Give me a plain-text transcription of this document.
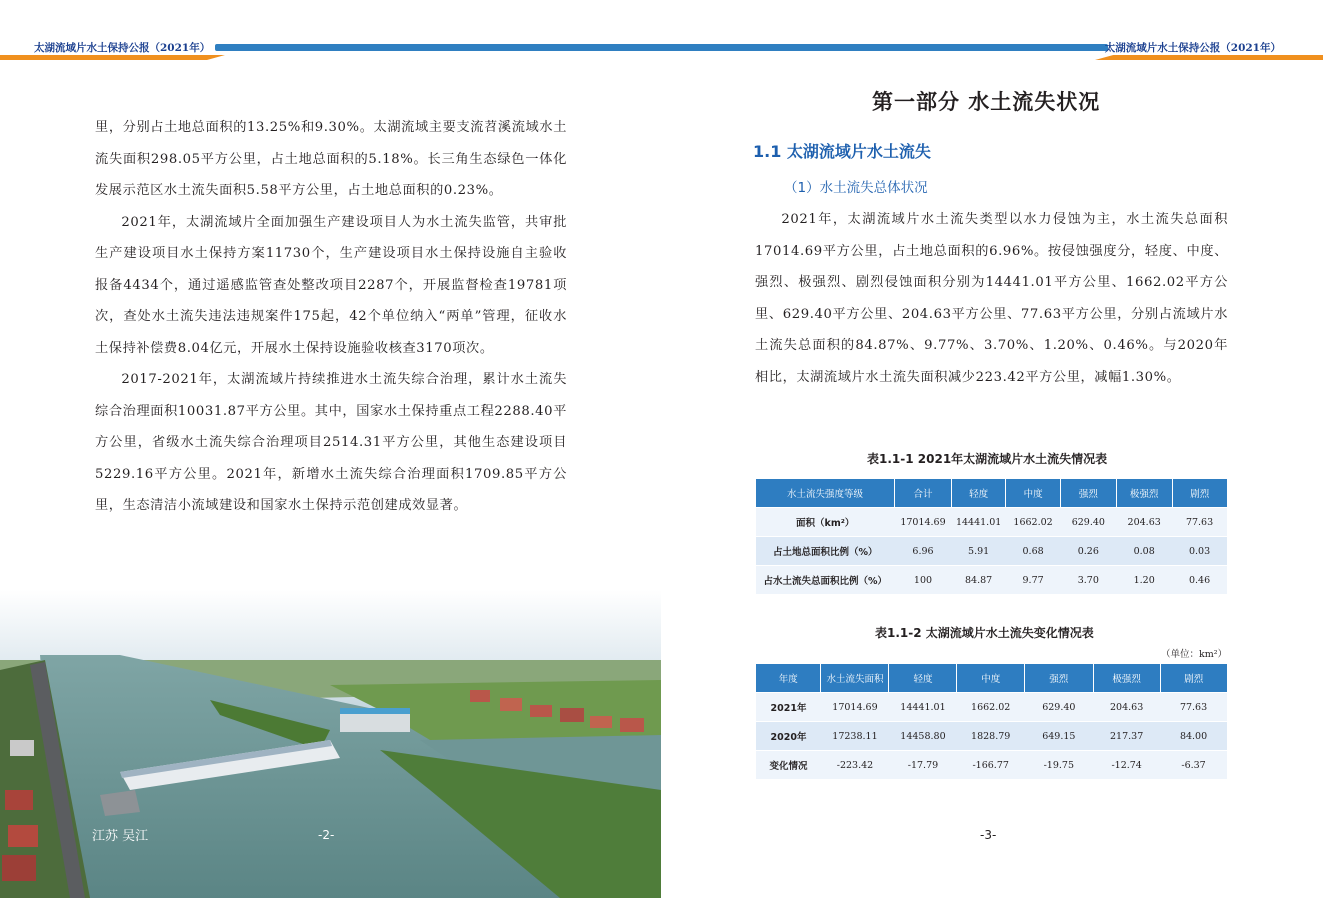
太湖流域片水土保持公报（2021年）	太湖流域片水土保持公报（2021年）

里，分别占土地总面积的13.25%和9.30%。太湖流域主要支流苕溪流域水土流失面积298.05平方公里，占土地总面积的5.18%。长三角生态绿色一体化发展示范区水土流失面积5.58平方公里，占土地总面积的0.23%。

2021年，太湖流域片全面加强生产建设项目人为水土流失监管，共审批生产建设项目水土保持方案11730个，生产建设项目水土保持设施自主验收报备4434个，通过遥感监管查处整改项目2287个，开展监督检查19781项次，查处水土流失违法违规案件175起，42个单位纳入“两单”管理，征收水土保持补偿费8.04亿元，开展水土保持设施验收核查3170项次。

2017-2021年，太湖流域片持续推进水土流失综合治理，累计水土流失综合治理面积10031.87平方公里。其中，国家水土保持重点工程2288.40平方公里，省级水土流失综合治理项目2514.31平方公里，其他生态建设项目5229.16平方公里。2021年，新增水土流失综合治理面积1709.85平方公里，生态清洁小流域建设和国家水土保持示范创建成效显著。

江苏 吴江	-2-
第一部分 水土流失状况
1.1 太湖流域片水土流失
（1）水土流失总体状况

2021年，太湖流域片水土流失类型以水力侵蚀为主，水土流失总面积17014.69平方公里，占土地总面积的6.96%。按侵蚀强度分，轻度、中度、强烈、极强烈、剧烈侵蚀面积分别为14441.01平方公里、1662.02平方公里、629.40平方公里、204.63平方公里、77.63平方公里，分别占流域片水土流失总面积的84.87%、9.77%、3.70%、1.20%、0.46%。与2020年相比，太湖流域片水土流失面积减少223.42平方公里，减幅1.30%。

表1.1-1 2021年太湖流域片水土流失情况表
水土流失强度等级	合计	轻度	中度	强烈	极强烈	剧烈
面积（km²）	17014.69	14441.01	1662.02	629.40	204.63	77.63
占土地总面积比例（%）	6.96	5.91	0.68	0.26	0.08	0.03
占水土流失总面积比例（%）	100	84.87	9.77	3.70	1.20	0.46
表1.1-2 太湖流域片水土流失变化情况表
（单位：km²）
年度	水土流失面积	轻度	中度	强烈	极强烈	剧烈
2021年	17014.69	14441.01	1662.02	629.40	204.63	77.63
2020年	17238.11	14458.80	1828.79	649.15	217.37	84.00
变化情况	-223.42	-17.79	-166.77	-19.75	-12.74	-6.37
-3-
